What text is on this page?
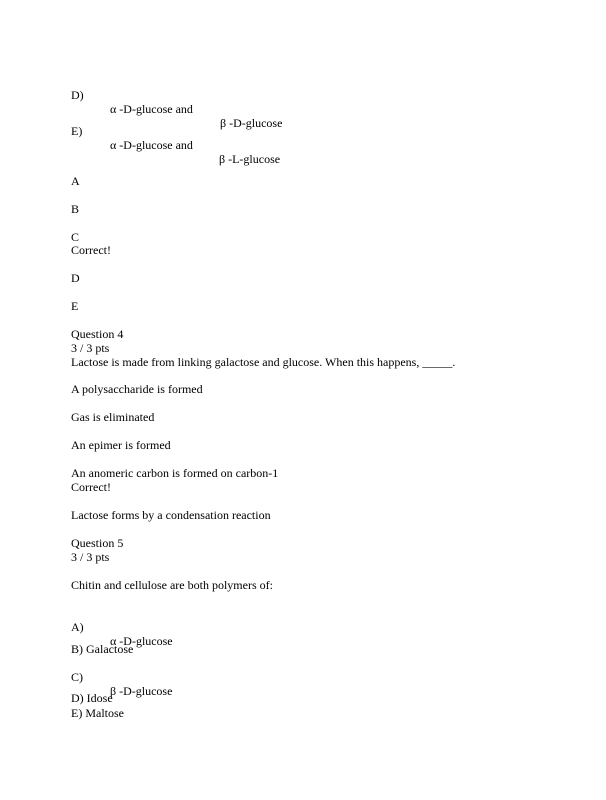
D)

α -D-glucose and

β -D-glucose

E)

α -D-glucose and

β -L-glucose

A
B
C
Correct!
D
E
Question 4
3 / 3 pts
Lactose is made from linking galactose and glucose. When this happens, _____.
A polysaccharide is formed
Gas is eliminated
An epimer is formed
An anomeric carbon is formed on carbon-1
Correct!
Lactose forms by a condensation reaction
Question 5
3 / 3 pts
Chitin and cellulose are both polymers of:

A)

α -D-glucose

B) Galactose

C)

β -D-glucose

D) Idose
E) Maltose
